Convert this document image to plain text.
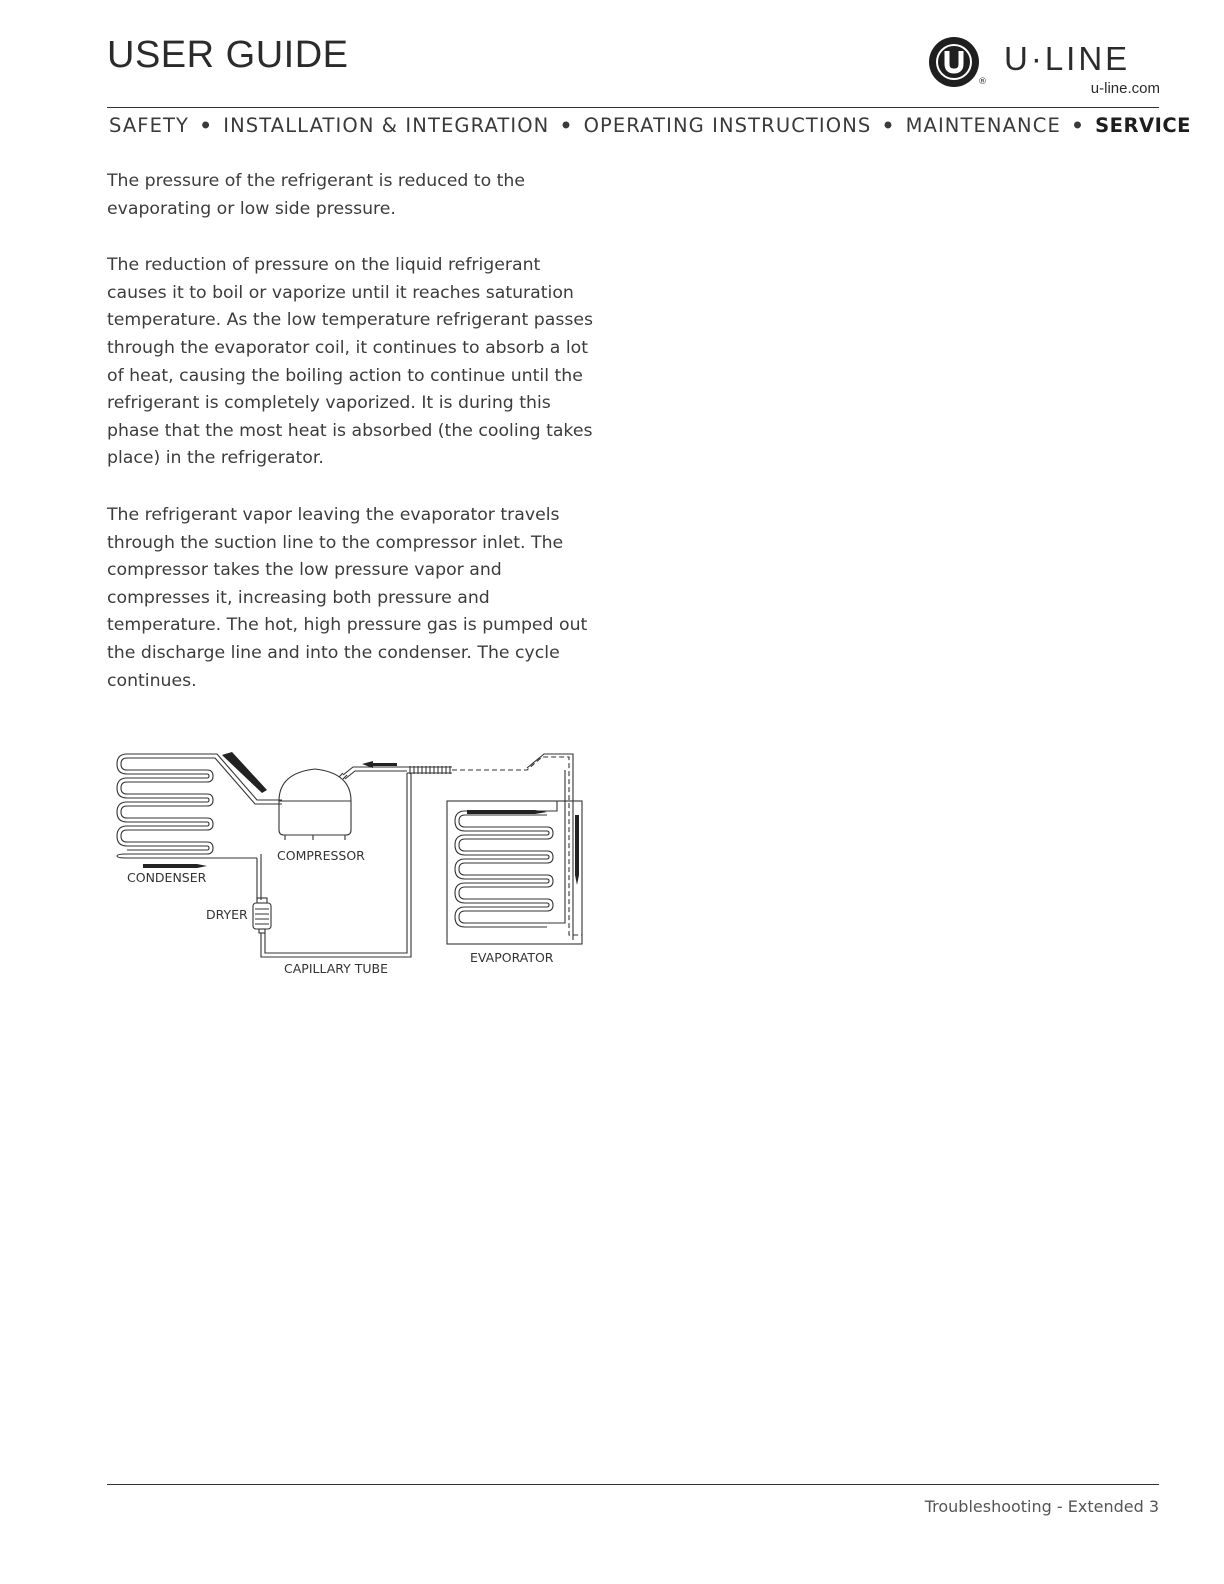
USER GUIDE
®
U·LINE
u-line.com
SAFETY • INSTALLATION & INTEGRATION • OPERATING INSTRUCTIONS • MAINTENANCE • SERVICE

The pressure of the refrigerant is reduced to the evaporating or low side pressure.

The reduction of pressure on the liquid refrigerant causes it to boil or vaporize until it reaches saturation temperature. As the low temperature refrigerant passes through the evaporator coil, it continues to absorb a lot of heat, causing the boiling action to continue until the refrigerant is completely vaporized. It is during this phase that the most heat is absorbed (the cooling takes place) in the refrigerator.

The refrigerant vapor leaving the evaporator travels through the suction line to the compressor inlet. The compressor takes the low pressure vapor and compresses it, increasing both pressure and temperature. The hot, high pressure gas is pumped out the discharge line and into the condenser. The cycle continues.

COMPRESSOR
CONDENSER
DRYER
CAPILLARY TUBE
EVAPORATOR
Troubleshooting - Extended 3
